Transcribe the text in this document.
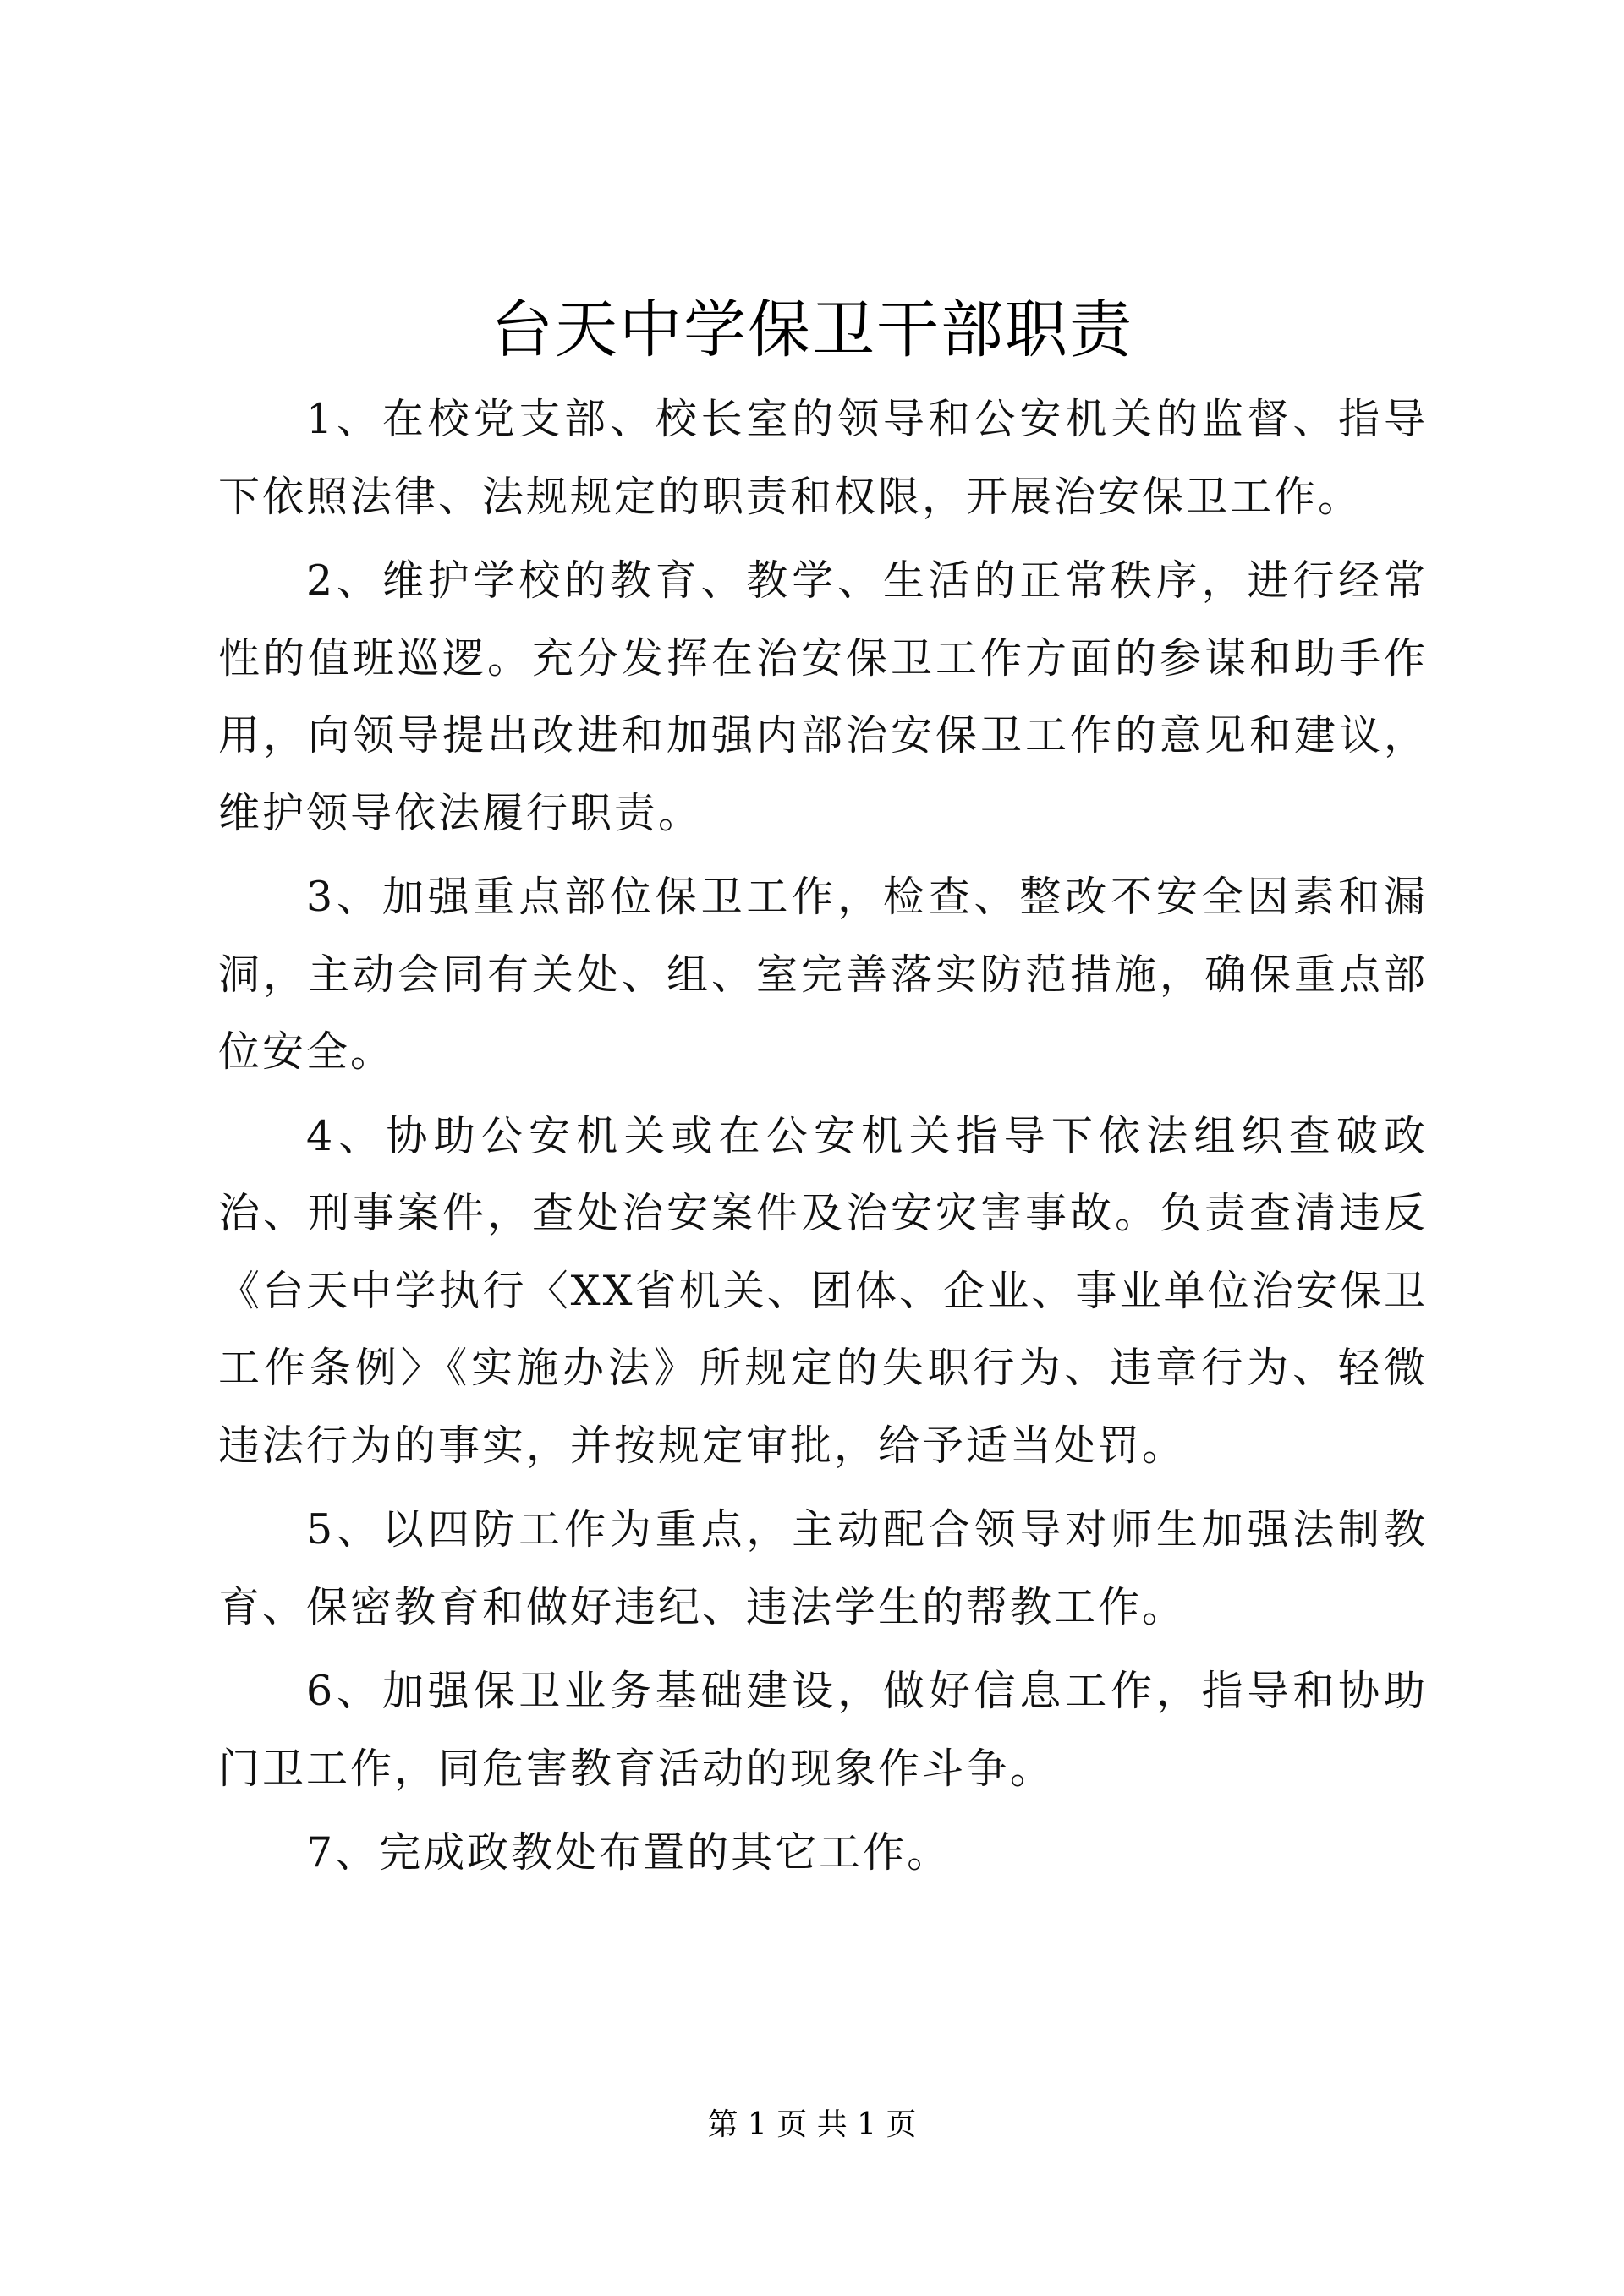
台天中学保卫干部职责

1、在校党支部、校长室的领导和公安机关的监督、指导下依照法律、法规规定的职责和权限，开展治安保卫工作。

2、维护学校的教育、教学、生活的正常秩序，进行经常性的值班巡逻。充分发挥在治安保卫工作方面的参谋和助手作用，向领导提出改进和加强内部治安保卫工作的意见和建议，维护领导依法履行职责。

3、加强重点部位保卫工作，检查、整改不安全因素和漏洞，主动会同有关处、组、室完善落实防范措施，确保重点部位安全。

4、协助公安机关或在公安机关指导下依法组织查破政治、刑事案件，查处治安案件及治安灾害事故。负责查清违反《台天中学执行〈XX省机关、团体、企业、事业单位治安保卫工作条例〉《实施办法》所规定的失职行为、违章行为、轻微违法行为的事实，并按规定审批，给予适当处罚。

5、以四防工作为重点，主动配合领导对师生加强法制教育、保密教育和做好违纪、违法学生的帮教工作。

6、加强保卫业务基础建设，做好信息工作，指导和协助门卫工作，同危害教育活动的现象作斗争。

7、完成政教处布置的其它工作。

第 1 页 共 1 页
